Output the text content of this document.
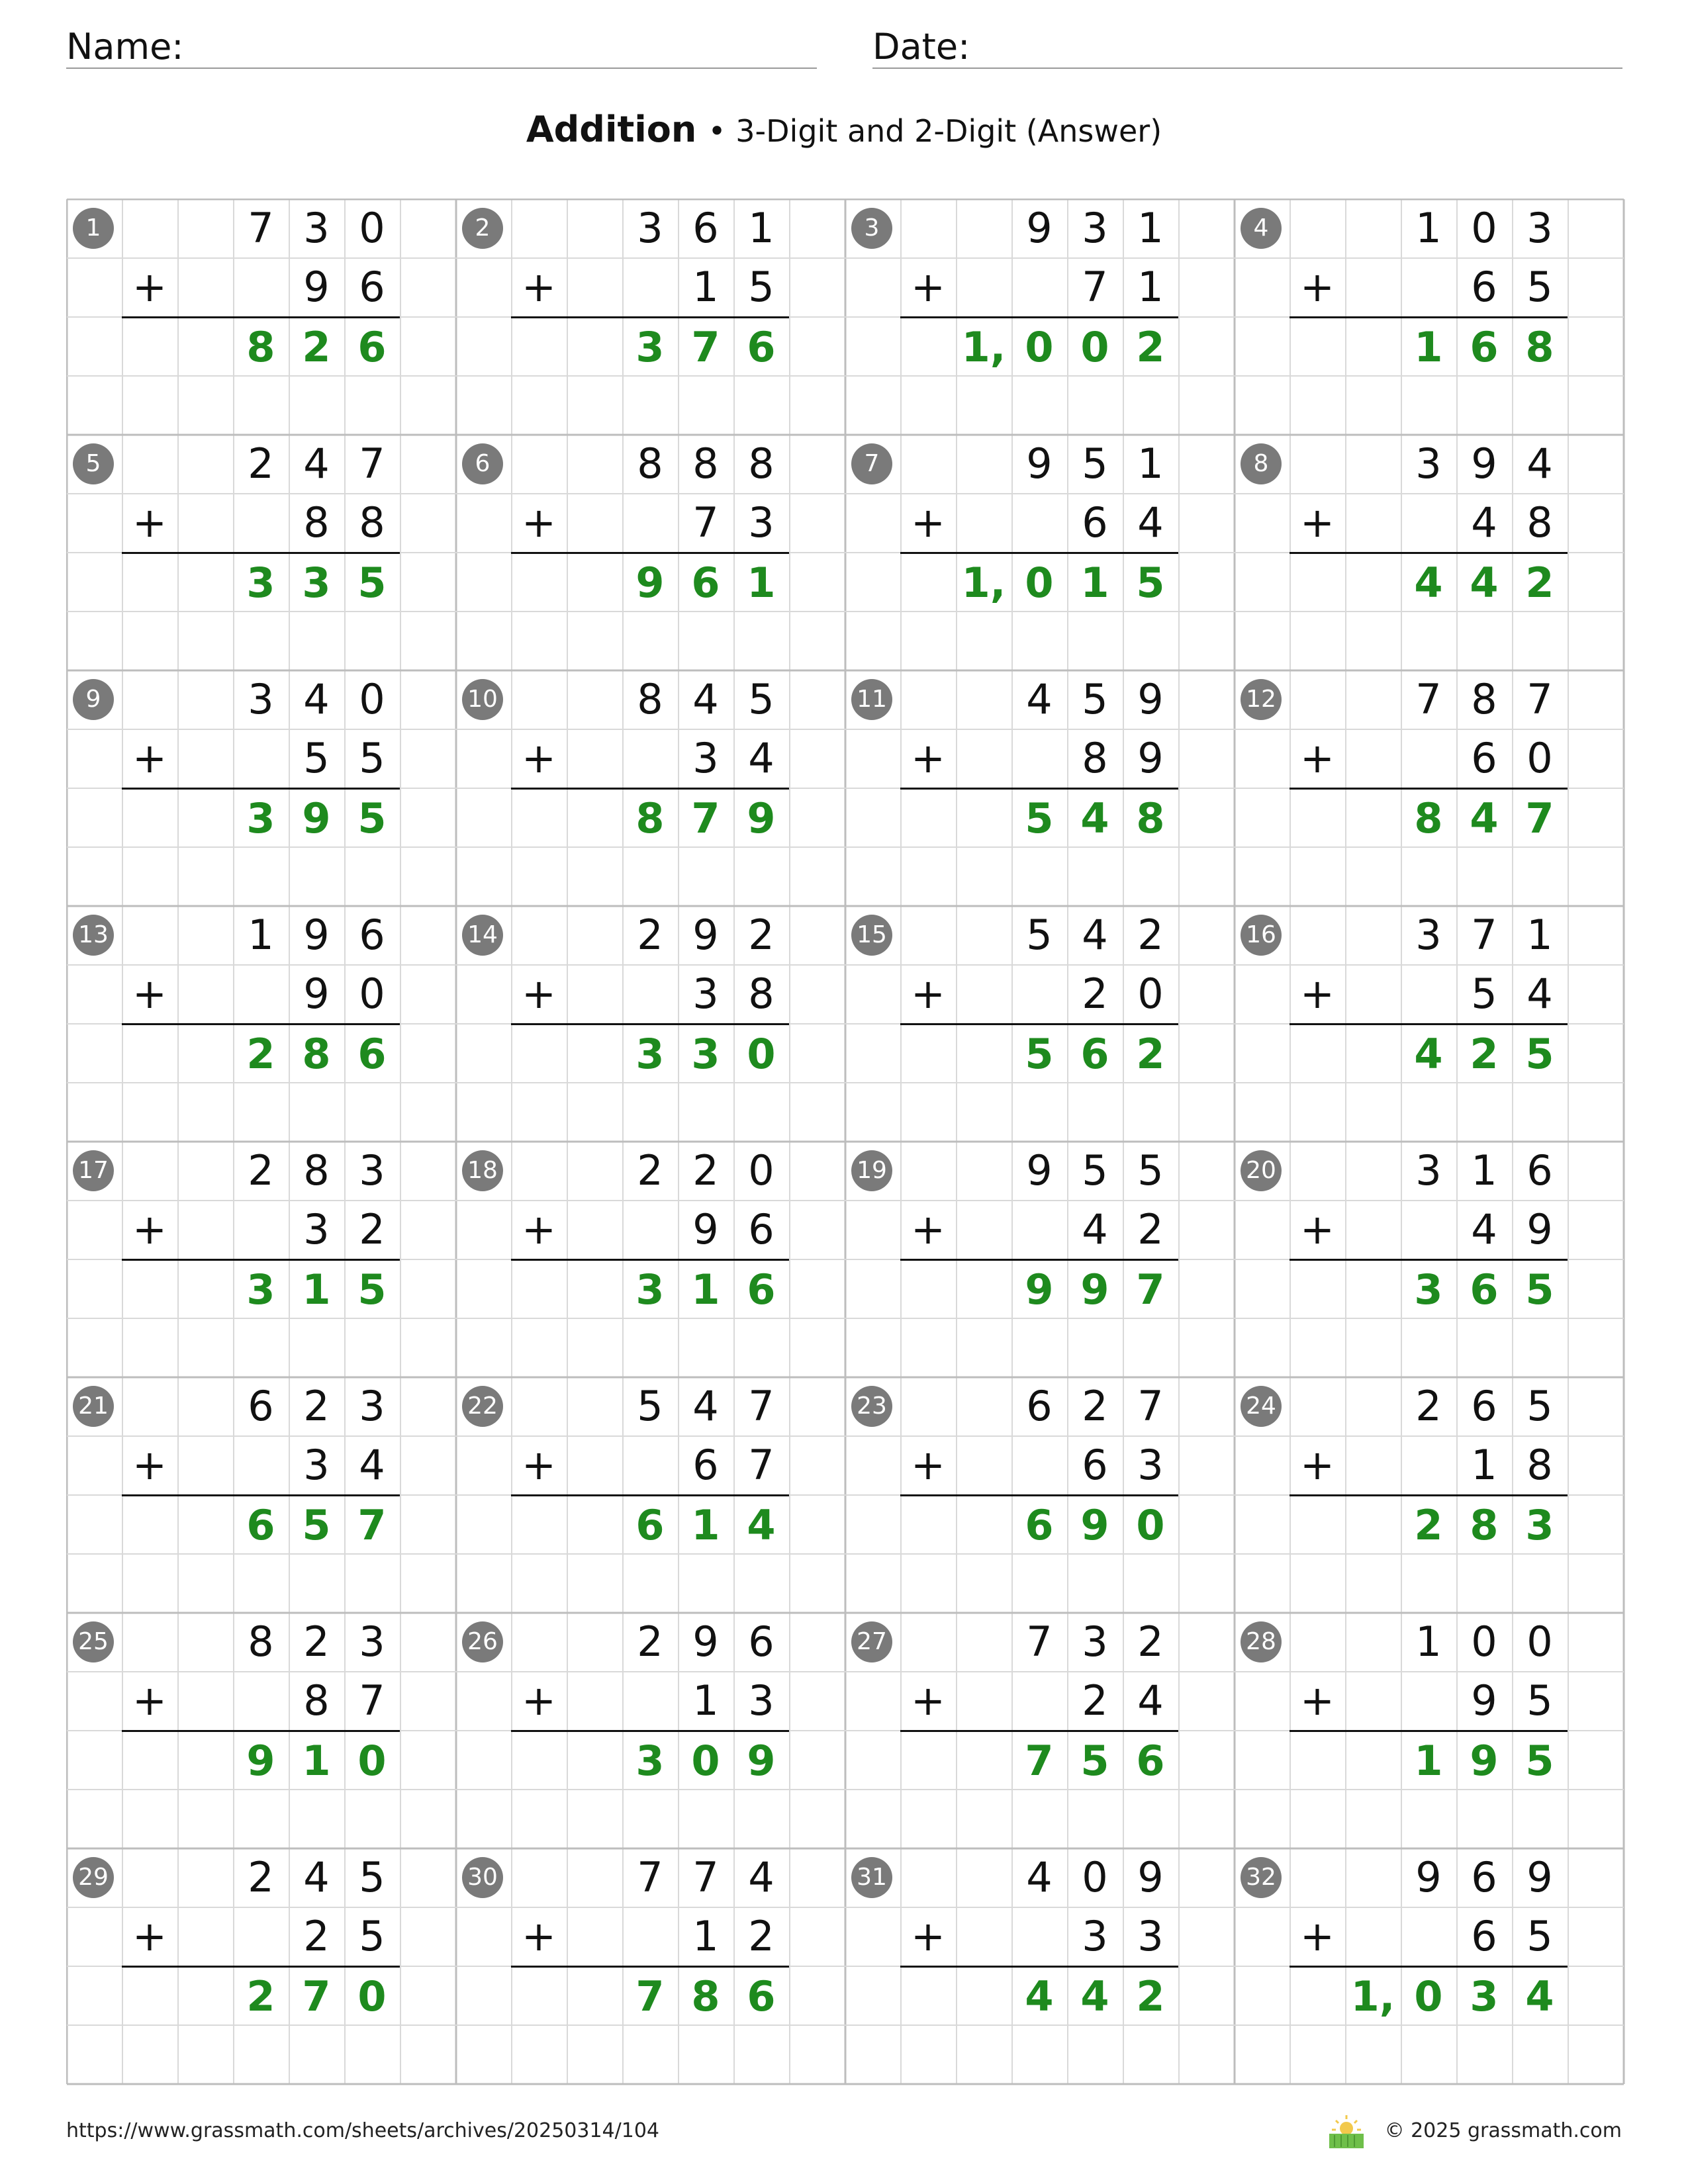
Name:	Date:
Addition • 3-Digit and 2-Digit (Answer)
1	7 3 0
+	9 6
8 2 6
2	3 6 1
+	1 5
3 7 6
3	9 3 1
+	7 1
1, 0 0 2
4	1 0 3
+	6 5
1 6 8
5	2 4 7
+	8 8
3 3 5
6	8 8 8
+	7 3
9 6 1
7	9 5 1
+	6 4
1, 0 1 5
8	3 9 4
+	4 8
4 4 2
9	3 4 0
+	5 5
3 9 5
10	8 4 5
+	3 4
8 7 9
11	4 5 9
+	8 9
5 4 8
12	7 8 7
+	6 0
8 4 7
13	1 9 6
+	9 0
2 8 6
14	2 9 2
+	3 8
3 3 0
15	5 4 2
+	2 0
5 6 2
16	3 7 1
+	5 4
4 2 5
17	2 8 3
+	3 2
3 1 5
18	2 2 0
+	9 6
3 1 6
19	9 5 5
+	4 2
9 9 7
20	3 1 6
+	4 9
3 6 5
21	6 2 3
+	3 4
6 5 7
22	5 4 7
+	6 7
6 1 4
23	6 2 7
+	6 3
6 9 0
24	2 6 5
+	1 8
2 8 3
25	8 2 3
+	8 7
9 1 0
26	2 9 6
+	1 3
3 0 9
27	7 3 2
+	2 4
7 5 6
28	1 0 0
+	9 5
1 9 5
29	2 4 5
+	2 5
2 7 0
30	7 7 4
+	1 2
7 8 6
31	4 0 9
+	3 3
4 4 2
32	9 6 9
+	6 5
1, 0 3 4
https://www.grassmath.com/sheets/archives/20250314/104	© 2025 grassmath.com
